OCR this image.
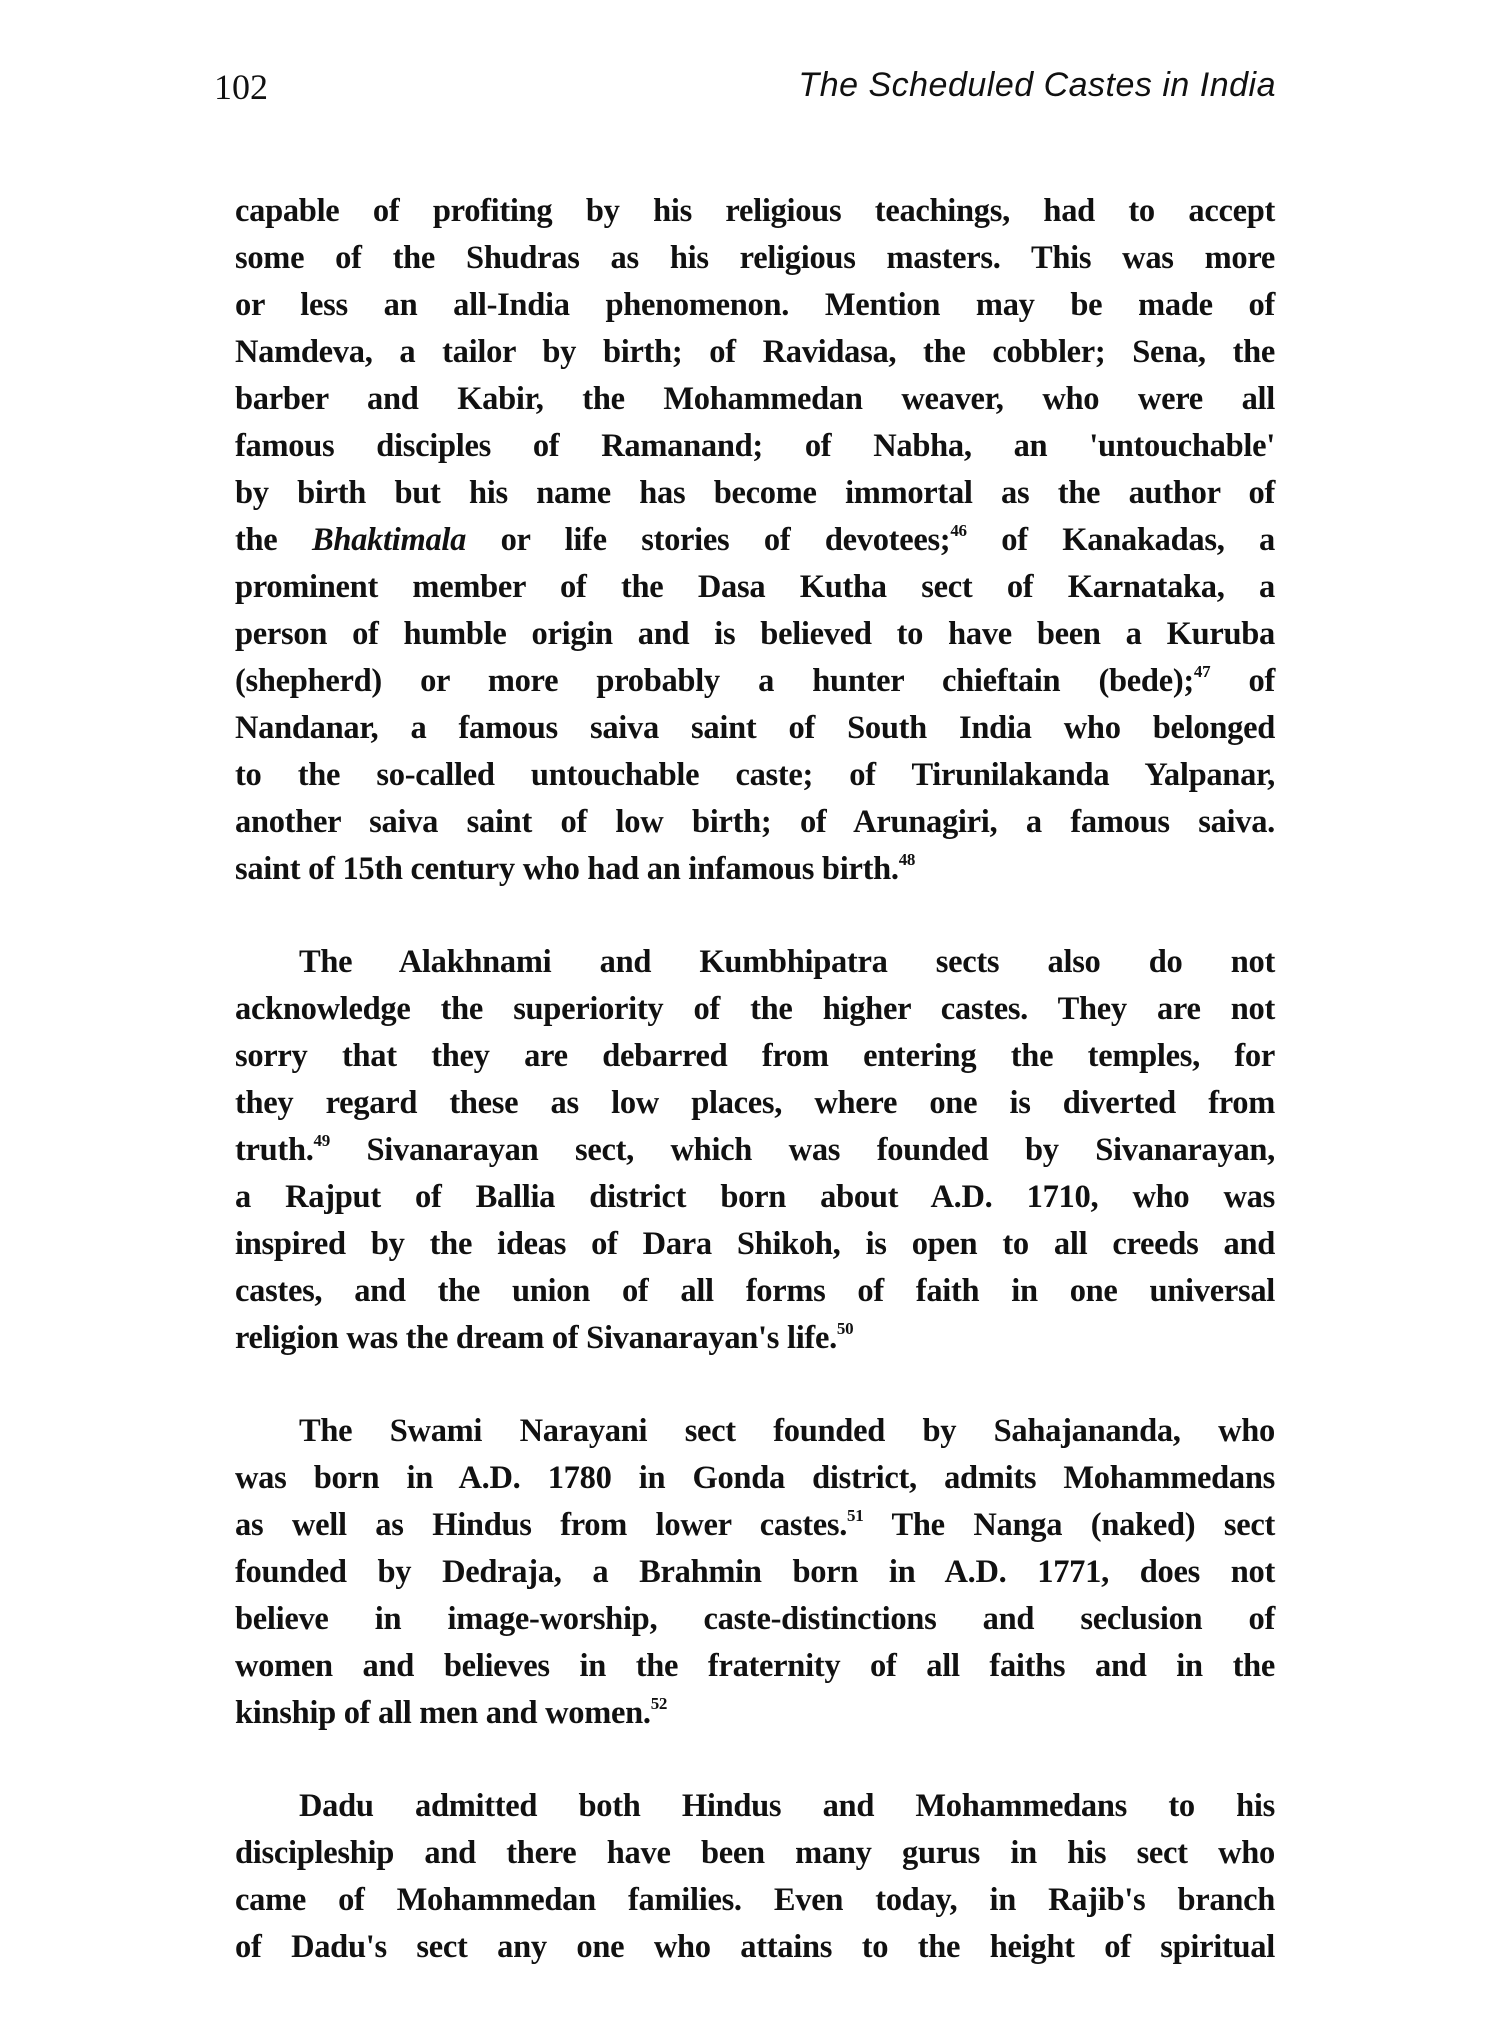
102	The Scheduled Castes in India
capable of profiting by his religious teachings, had to accept
some of the Shudras as his religious masters. This was more
or less an all-India phenomenon. Mention may be made of
Namdeva, a tailor by birth; of Ravidasa, the cobbler; Sena, the
barber and Kabir, the Mohammedan weaver, who were all
famous disciples of Ramanand; of Nabha, an 'untouchable'
by birth but his name has become immortal as the author of
the Bhaktimala or life stories of devotees;$^{46}$ of Kanakadas, a
prominent member of the Dasa Kutha sect of Karnataka, a
person of humble origin and is believed to have been a Kuruba
(shepherd) or more probably a hunter chieftain (bede);$^{47}$ of
Nandanar, a famous saiva saint of South India who belonged
to the so-called untouchable caste; of Tirunilakanda Yalpanar,
another saiva saint of low birth; of Arunagiri, a famous saiva.
saint of 15th century who had an infamous birth.$^{48}$
The Alakhnami and Kumbhipatra sects also do not
acknowledge the superiority of the higher castes. They are not
sorry that they are debarred from entering the temples, for
they regard these as low places, where one is diverted from
truth.$^{49}$ Sivanarayan sect, which was founded by Sivanarayan,
a Rajput of Ballia district born about A.D. 1710, who was
inspired by the ideas of Dara Shikoh, is open to all creeds and
castes, and the union of all forms of faith in one universal
religion was the dream of Sivanarayan's life.$^{50}$
The Swami Narayani sect founded by Sahajananda, who
was born in A.D. 1780 in Gonda district, admits Mohammedans
as well as Hindus from lower castes.$^{51}$ The Nanga (naked) sect
founded by Dedraja, a Brahmin born in A.D. 1771, does not
believe in image-worship, caste-distinctions and seclusion of
women and believes in the fraternity of all faiths and in the
kinship of all men and women.$^{52}$
Dadu admitted both Hindus and Mohammedans to his
discipleship and there have been many gurus in his sect who
came of Mohammedan families. Even today, in Rajib's branch
of Dadu's sect any one who attains to the height of spiritual
